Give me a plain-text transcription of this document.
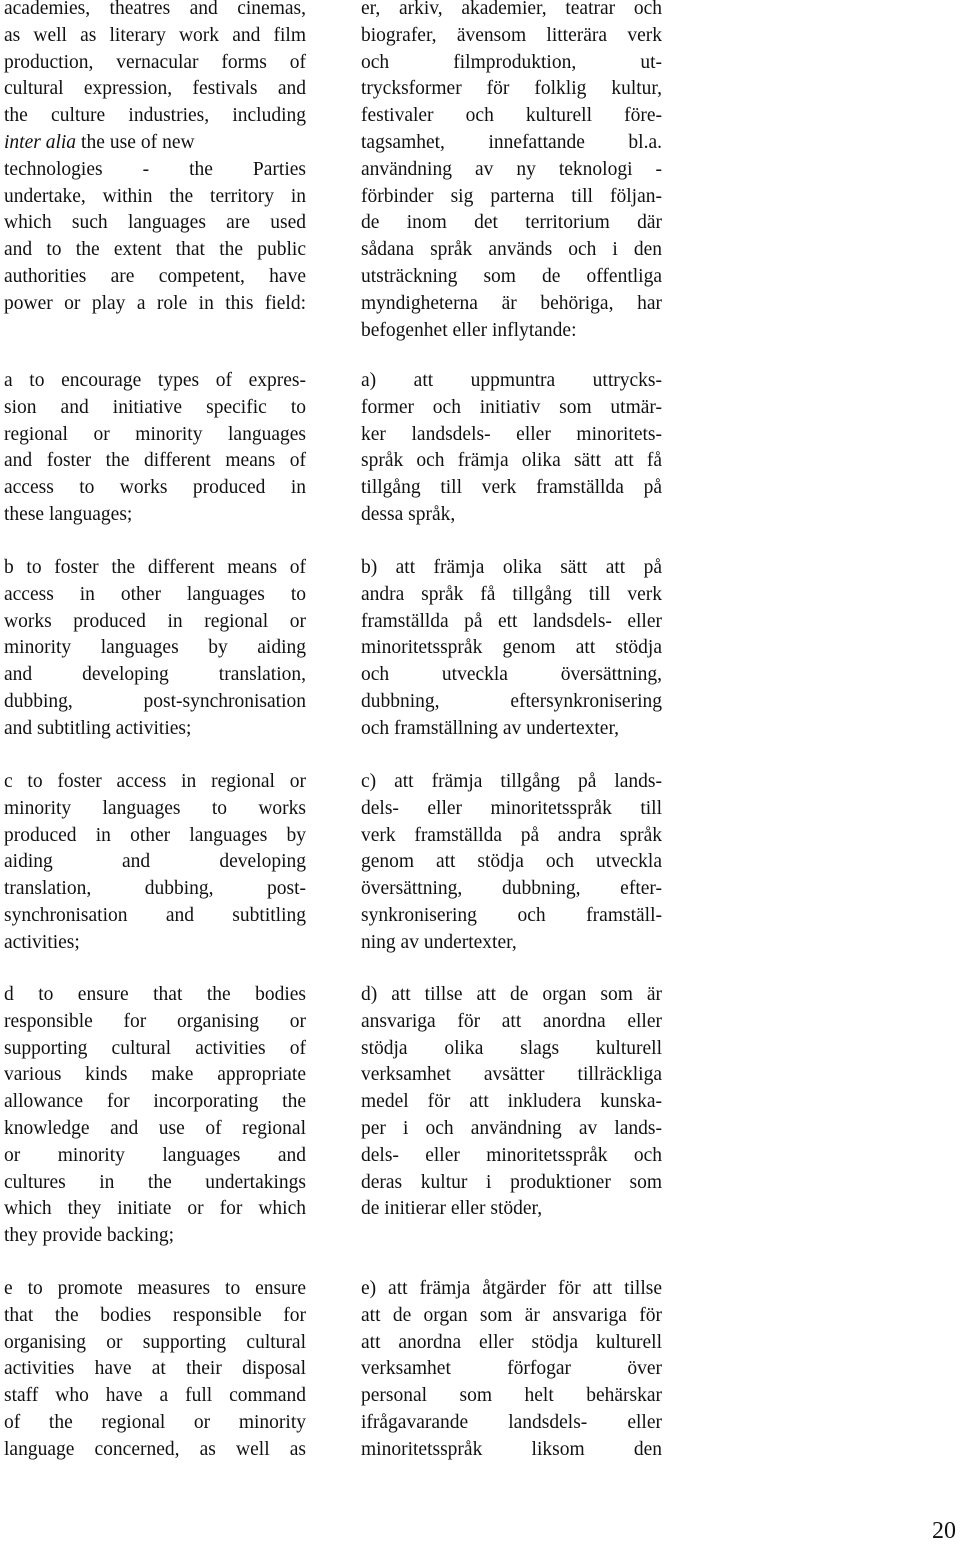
academies, theatres and cinemas,
as well as literary work and film
production, vernacular forms of
cultural expression, festivals and
the culture industries, including
inter alia the use of new
technologies - the Parties
undertake, within the territory in
which such languages are used
and to the extent that the public
authorities are competent, have
power or play a role in this field:
a to encourage types of expres-
sion and initiative specific to
regional or minority languages
and foster the different means of
access to works produced in
these languages;
b to foster the different means of
access in other languages to
works produced in regional or
minority languages by aiding
and developing translation,
dubbing, post-synchronisation
and subtitling activities;
c to foster access in regional or
minority languages to works
produced in other languages by
aiding and developing
translation, dubbing, post-
synchronisation and subtitling
activities;
d to ensure that the bodies
responsible for organising or
supporting cultural activities of
various kinds make appropriate
allowance for incorporating the
knowledge and use of regional
or minority languages and
cultures in the undertakings
which they initiate or for which
they provide backing;
e to promote measures to ensure
that the bodies responsible for
organising or supporting cultural
activities have at their disposal
staff who have a full command
of the regional or minority
language concerned, as well as
er, arkiv, akademier, teatrar och
biografer, ävensom litterära verk
och filmproduktion, ut-
trycksformer för folklig kultur,
festivaler och kulturell före-
tagsamhet, innefattande bl.a.
användning av ny teknologi -
förbinder sig parterna till följan-
de inom det territorium där
sådana språk används och i den
utsträckning som de offentliga
myndigheterna är behöriga, har
befogenhet eller inflytande:
a) att uppmuntra uttrycks-
former och initiativ som utmär-
ker landsdels- eller minoritets-
språk och främja olika sätt att få
tillgång till verk framställda på
dessa språk,
b) att främja olika sätt att på
andra språk få tillgång till verk
framställda på ett landsdels- eller
minoritetsspråk genom att stödja
och utveckla översättning,
dubbning, eftersynkronisering
och framställning av undertexter,
c) att främja tillgång på lands-
dels- eller minoritetsspråk till
verk framställda på andra språk
genom att stödja och utveckla
översättning, dubbning, efter-
synkronisering och framställ-
ning av undertexter,
d) att tillse att de organ som är
ansvariga för att anordna eller
stödja olika slags kulturell
verksamhet avsätter tillräckliga
medel för att inkludera kunska-
per i och användning av lands-
dels- eller minoritetsspråk och
deras kultur i produktioner som
de initierar eller stöder,
e) att främja åtgärder för att tillse
att de organ som är ansvariga för
att anordna eller stödja kulturell
verksamhet förfogar över
personal som helt behärskar
ifrågavarande landsdels- eller
minoritetsspråk liksom den
20
